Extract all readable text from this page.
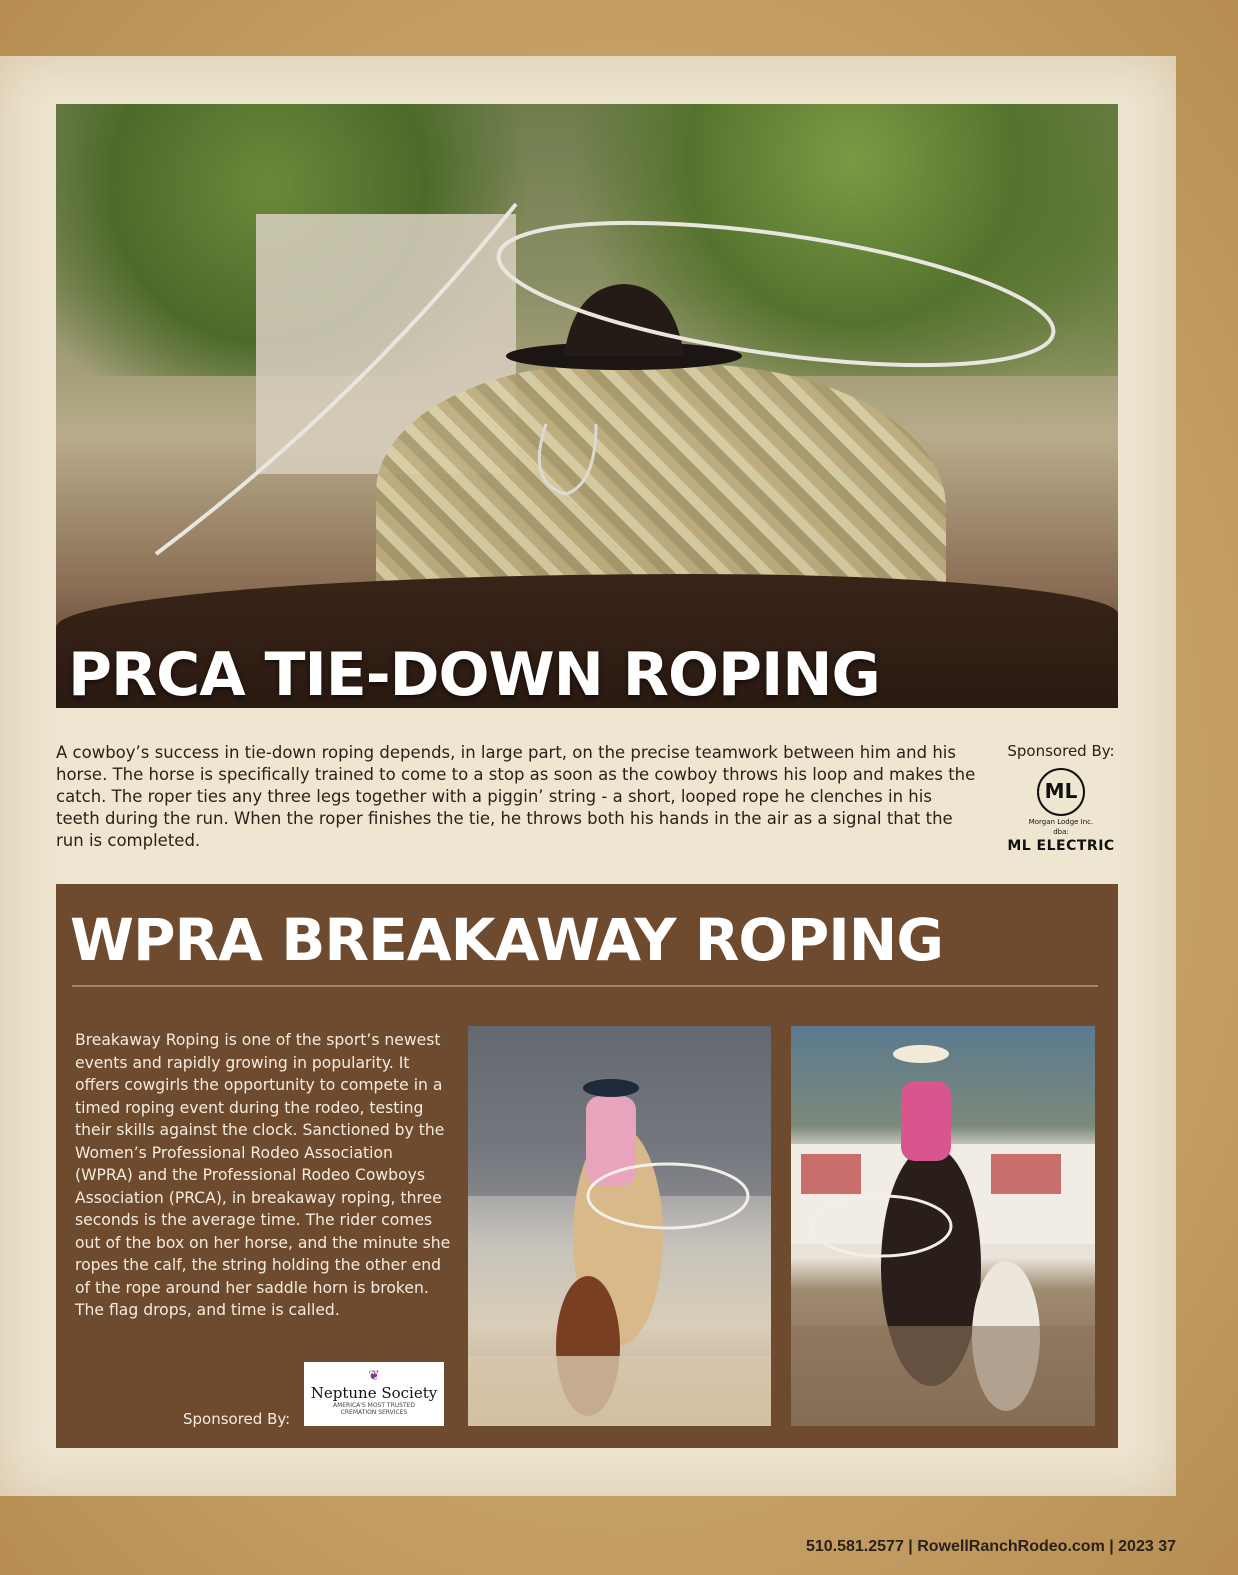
PRCA TIE-DOWN ROPING

A cowboy’s success in tie-down roping depends, in large part, on the precise teamwork between him and his horse. The horse is specifically trained to come to a stop as soon as the cowboy throws his loop and makes the catch. The roper ties any three legs together with a piggin’ string - a short, looped rope he clenches in his teeth during the run. When the roper finishes the tie, he throws both his hands in the air as a signal that the run is completed.

Sponsored By:
ML
Morgan Lodge Inc.
dba:
ML ELECTRIC
WPRA BREAKAWAY ROPING

Breakaway Roping is one of the sport’s newest events and rapidly growing in popularity. It offers cowgirls the opportunity to compete in a timed roping event during the rodeo, testing their skills against the clock. Sanctioned by the Women’s Professional Rodeo Association (WPRA) and the Professional Rodeo Cowboys Association (PRCA), in breakaway roping, three seconds is the average time. The rider comes out of the box on her horse, and the minute she ropes the calf, the string holding the other end of the rope around her saddle horn is broken. The flag drops, and time is called.

Sponsored By:
❦
Neptune Society
AMERICA'S MOST TRUSTED
CREMATION SERVICES
510.581.2577 | RowellRanchRodeo.com | 2023 37
